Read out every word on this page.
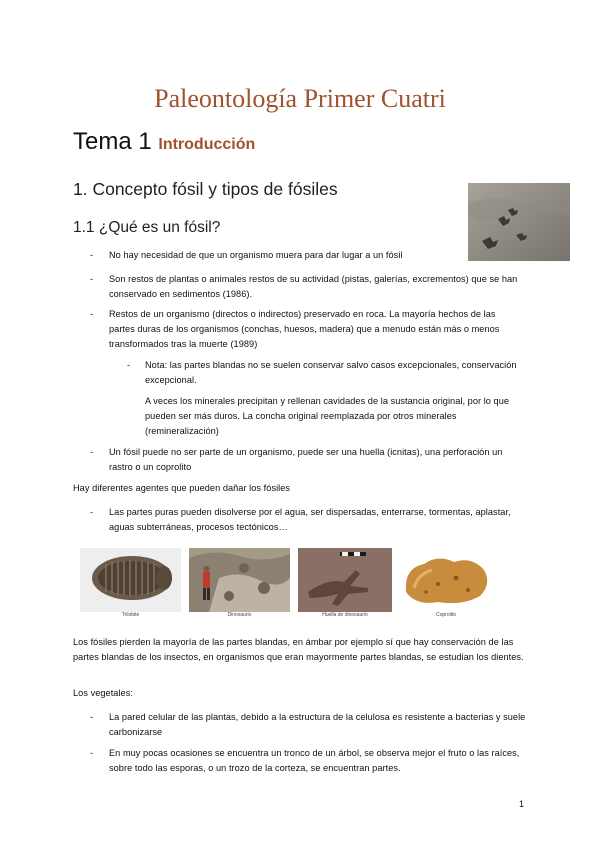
Paleontología Primer Cuatri
Tema 1 Introducción
1. Concepto fósil y tipos de fósiles
1.1 ¿Qué es un fósil?
- No hay necesidad de que un organismo muera para dar lugar a un fósil
- Son restos de plantas o animales restos de su actividad (pistas, galerías, excrementos) que se han conservado en sedimentos (1986).
- Restos de un organismo (directos o indirectos) preservado en roca. La mayoría hechos de las partes duras de los organismos (conchas, huesos, madera) que a menudo están más o menos transformados tras la muerte (1989)
- Nota: las partes blandas no se suelen conservar salvo casos excepcionales, conservación excepcional.
A veces los minerales precipitan y rellenan cavidades de la sustancia original, por lo que pueden ser más duros. La concha original reemplazada por otros minerales (remineralización)
- Un fósil puede no ser parte de un organismo, puede ser una huella (icnitas), una perforación un rastro o un coprolito
Hay diferentes agentes que pueden dañar los fósiles
- Las partes puras pueden disolverse por el agua, ser dispersadas, enterrarse, tormentas, aplastar, aguas subterráneas, procesos tectónicos…
Trilobite	Dinosaurio	Huella de dinosaurio	Coprolito
Los fósiles pierden la mayoría de las partes blandas, en ámbar por ejemplo sí que hay conservación de las partes blandas de los insectos, en organismos que eran mayormente partes blandas, se estudian los dientes.
Los vegetales:
- La pared celular de las plantas, debido a la estructura de la celulosa es resistente a bacterias y suele carbonizarse
- En muy pocas ocasiones se encuentra un tronco de un árbol, se observa mejor el fruto o las raíces, sobre todo las esporas, o un trozo de la corteza, se encuentran partes.
1
